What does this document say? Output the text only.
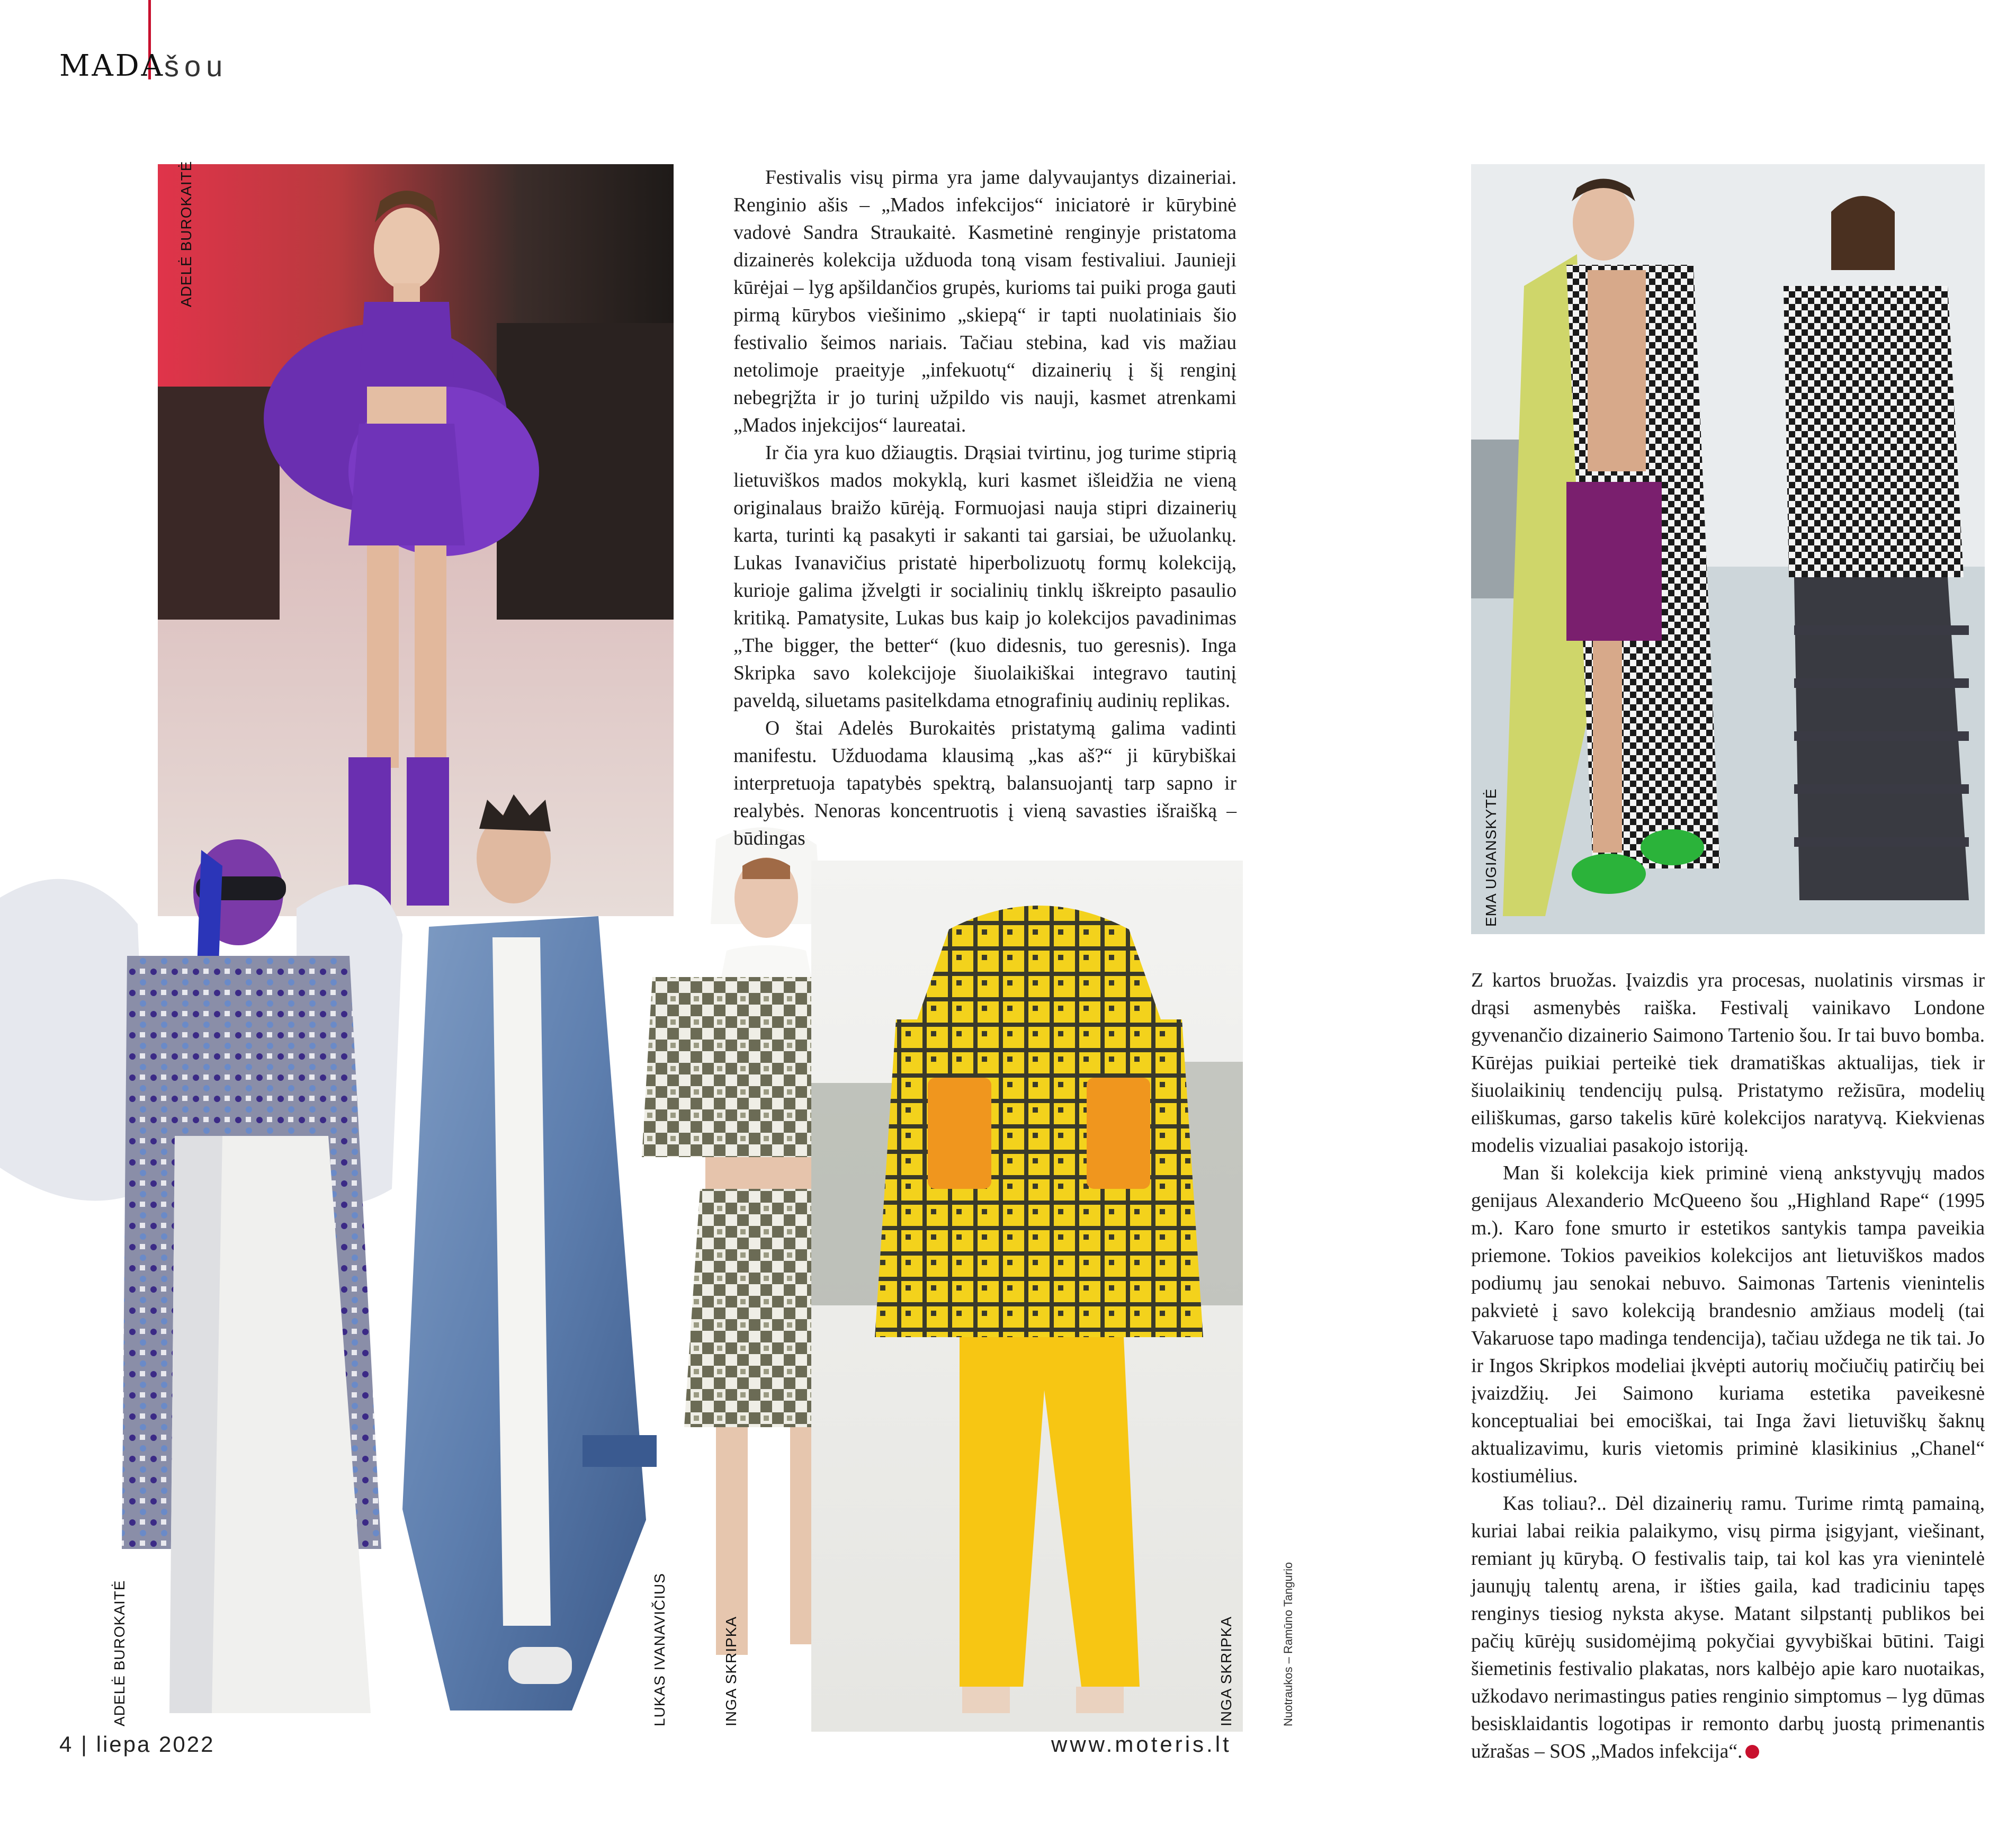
MADA
šou
ADELĖ BUROKAITĖ
EMA UGIANSKYTĖ
ADELĖ BUROKAITĖ	LUKAS IVANAVIČIUS	INGA SKRIPKA	INGA SKRIPKA	Nuotraukos – Ramūno Tangurio

Festivalis visų pirma yra jame dalyvaujantys dizaineriai. Renginio ašis – „Mados infekcijos“ iniciatorė ir kūrybinė vadovė Sandra Straukaitė. Kasmetinė renginyje pristatoma dizainerės kolekcija užduoda toną visam festivaliui. Jaunieji kūrėjai – lyg apšildančios grupės, kurioms tai puiki proga gauti pirmą kūrybos viešinimo „skiepą“ ir tapti nuolatiniais šio festivalio šeimos nariais. Tačiau stebina, kad vis mažiau netolimoje praeityje „infekuotų“ dizainerių į šį renginį nebegrįžta ir jo turinį užpildo vis nauji, kasmet atrenkami „Mados injekcijos“ laureatai.

Ir čia yra kuo džiaugtis. Drąsiai tvirtinu, jog turime stiprią lietuviškos mados mokyklą, kuri kasmet išleidžia ne vieną originalaus braižo kūrėją. Formuojasi nauja stipri dizainerių karta, turinti ką pasakyti ir sakanti tai garsiai, be užuolankų. Lukas Ivanavičius pristatė hiperbolizuotų formų kolekciją, kurioje galima įžvelgti ir socialinių tinklų iškreipto pasaulio kritiką. Pamatysite, Lukas bus kaip jo kolekcijos pavadinimas „The bigger, the better“ (kuo didesnis, tuo geresnis). Inga Skripka savo kolekcijoje šiuolaikiškai integravo tautinį paveldą, siluetams pasitelkdama etnografinių audinių replikas.

O štai Adelės Burokaitės pristatymą galima vadinti manifestu. Užduodama klausimą „kas aš?“ ji kūrybiškai interpretuoja tapatybės spektrą, balansuojantį tarp sapno ir realybės. Nenoras koncentruotis į vieną savasties išraišką – būdingas

Z kartos bruožas. Įvaizdis yra procesas, nuolatinis virsmas ir drąsi asmenybės raiška. Festivalį vainikavo Londone gyvenančio dizainerio Saimono Tartenio šou. Ir tai buvo bomba. Kūrėjas puikiai perteikė tiek dramatiškas aktualijas, tiek ir šiuolaikinių tendencijų pulsą. Pristatymo režisūra, modelių eiliškumas, garso takelis kūrė kolekcijos naratyvą. Kiekvienas modelis vizualiai pasakojo istoriją.

Man ši kolekcija kiek priminė vieną ankstyvųjų mados genijaus Alexanderio McQueeno šou „Highland Rape“ (1995 m.). Karo fone smurto ir estetikos santykis tampa paveikia priemone. Tokios paveikios kolekcijos ant lietuviškos mados podiumų jau senokai nebuvo. Saimonas Tartenis vienintelis pakvietė į savo kolekciją brandesnio amžiaus modelį (tai Vakaruose tapo madinga tendencija), tačiau uždega ne tik tai. Jo ir Ingos Skripkos modeliai įkvėpti autorių močiučių patirčių bei įvaizdžių. Jei Saimono kuriama estetika paveikesnė konceptualiai bei emociškai, tai Inga žavi lietuviškų šaknų aktualizavimu, kuris vietomis priminė klasikinius „Chanel“ kostiumėlius.

Kas toliau?.. Dėl dizainerių ramu. Turime rimtą pamainą, kuriai labai reikia palaikymo, visų pirma įsigyjant, viešinant, remiant jų kūrybą. O festivalis taip, tai kol kas yra vienintelė jaunųjų talentų arena, ir išties gaila, kad tradiciniu tapęs renginys tiesiog nyksta akyse. Matant silpstantį publikos bei pačių kūrėjų susidomėjimą pokyčiai gyvybiškai būtini. Taigi šiemetinis festivalio plakatas, nors kalbėjo apie karo nuotaikas, užkodavo nerimastingus paties renginio simptomus – lyg dūmas besisklaidantis logotipas ir remonto darbų juostą primenantis užrašas – SOS „Mados infekcija“.

4 | liepa 2022	www.moteris.lt
